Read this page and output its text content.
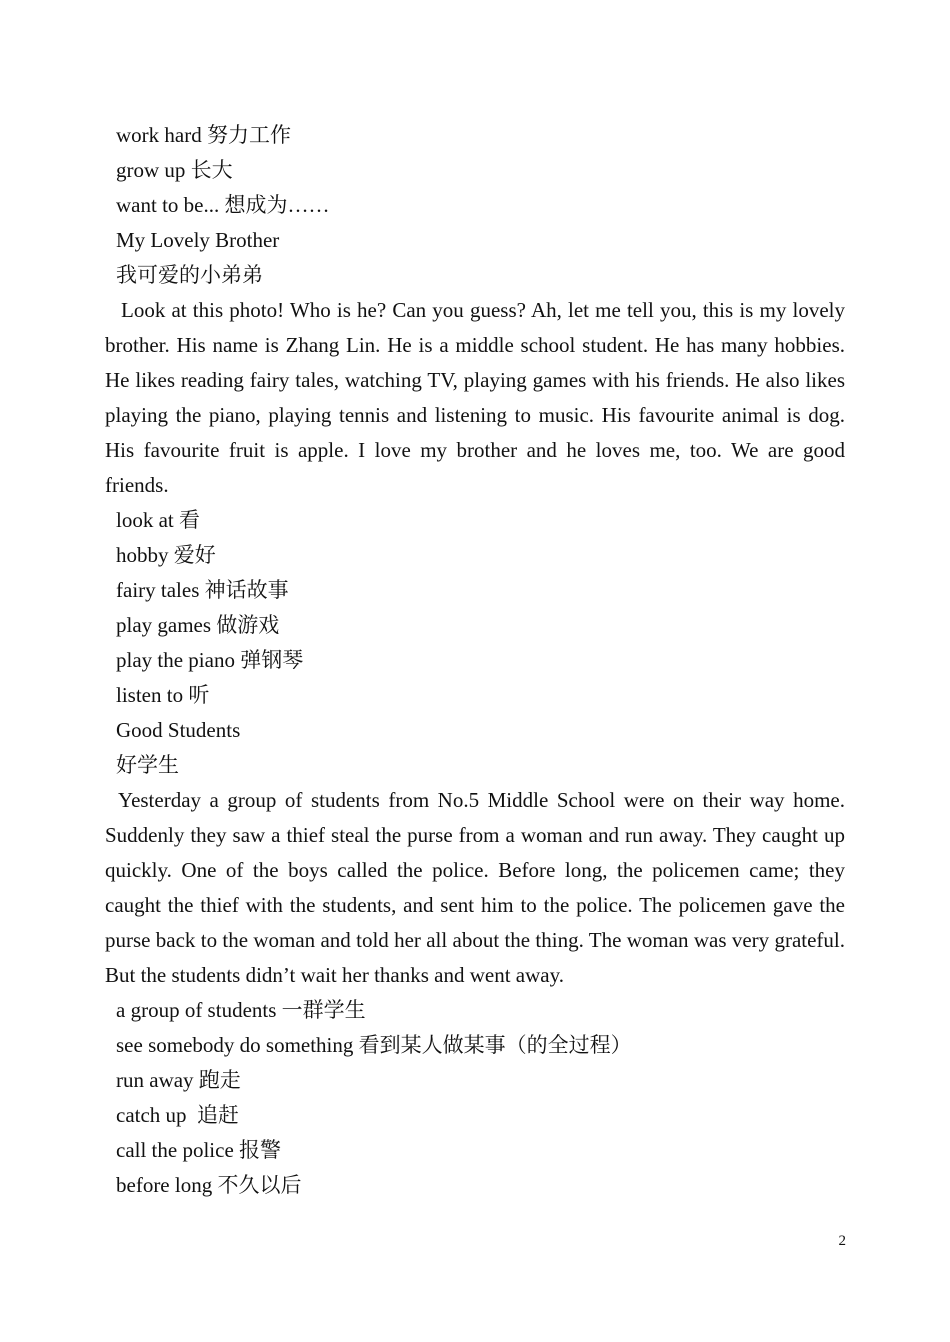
work hard 努力工作
grow up 长大
want to be... 想成为……
My Lovely Brother
我可爱的小弟弟

Look at this photo! Who is he? Can you guess? Ah, let me tell you, this is my lovely brother. His name is Zhang Lin. He is a middle school student. He has many hobbies. He likes reading fairy tales, watching TV, playing games with his friends. He also likes playing the piano, playing tennis and listening to music. His favourite animal is dog. His favourite fruit is apple. I love my brother and he loves me, too. We are good friends.

look at 看
hobby 爱好
fairy tales 神话故事
play games 做游戏
play the piano 弹钢琴
listen to 听
Good Students
好学生

Yesterday a group of students from No.5 Middle School were on their way home. Suddenly they saw a thief steal the purse from a woman and run away. They caught up quickly. One of the boys called the police. Before long, the policemen came; they caught the thief with the students, and sent him to the police. The policemen gave the purse back to the woman and told her all about the thing. The woman was very grateful. But the students didn’t wait her thanks and went away.

a group of students 一群学生
see somebody do something 看到某人做某事（的全过程）
run away 跑走
catch up  追赶
call the police 报警
before long 不久以后
2
